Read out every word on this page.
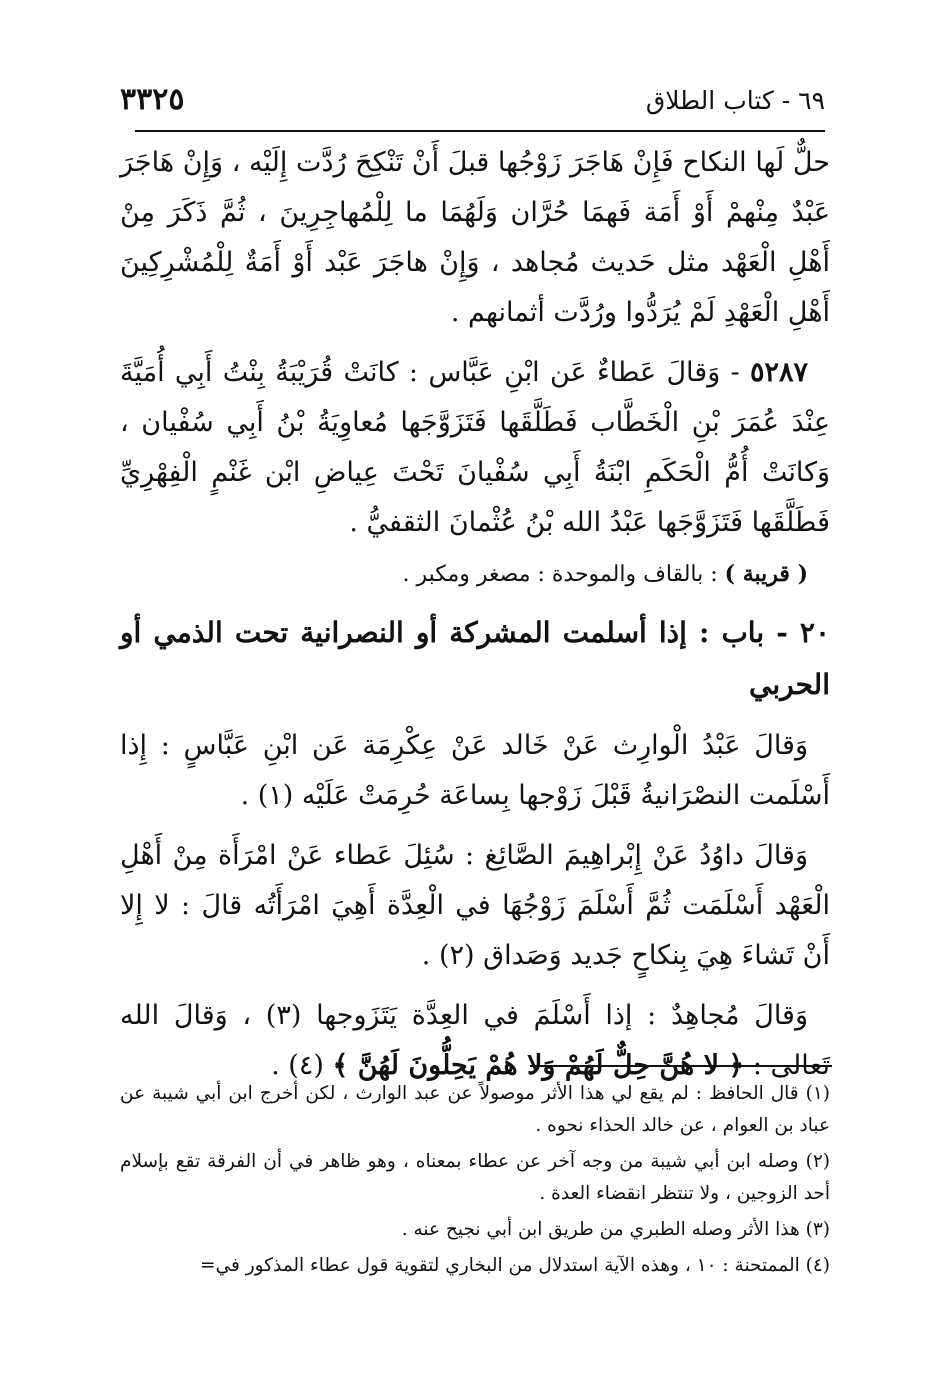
٦٩ - كتاب الطلاق
٣٣٢٥

حلٌّ لَها النكاح فَإِنْ هَاجَرَ زَوْجُها قبلَ أَنْ تَنْكِحَ رُدَّت إِلَيْه ، وَإِنْ هَاجَرَ عَبْدٌ مِنْهمْ أَوْ أَمَة فَهمَا حُرَّان وَلَهُمَا ما لِلْمُهاجِرِينَ ، ثُمَّ ذَكَرَ مِنْ أَهْلِ الْعَهْد مثل حَديث مُجاهد ، وَإِنْ هاجَرَ عَبْد أَوْ أَمَةٌ لِلْمُشْرِكِينَ أَهْلِ الْعَهْدِ لَمْ يُرَدُّوا ورُدَّت أثمانهم .

٥٢٨٧ - وَقالَ عَطاءٌ عَن ابْنِ عَبَّاس : كانَتْ قُرَيْبَةُ بِنْتُ أَبِي أُمَيَّةَ عِنْدَ عُمَرَ بْنِ الْخَطَّاب فَطَلَّقَها فَتَزَوَّجَها مُعاوِيَةُ بْنُ أَبِي سُفْيان ، وَكانَتْ أُمُّ الْحَكَمِ ابْنَةُ أَبِي سُفْيانَ تَحْتَ عِياضِ ابْن غَنْمٍ الْفِهْرِيِّ فَطَلَّقَها فَتَزَوَّجَها عَبْدُ الله بْنُ عُثْمانَ الثقفيُّ .

( قريبة ) : بالقاف والموحدة : مصغر ومكبر .

٢٠ - باب : إذا أسلمت المشركة أو النصرانية تحت الذمي أو الحربي

وَقالَ عَبْدُ الْوارِث عَنْ خَالد عَنْ عِكْرِمَة عَن ابْنِ عَبَّاسٍ : إِذا أَسْلَمت النصْرَانيةُ قَبْلَ زَوْجها بِساعَة حُرِمَتْ عَلَيْه (١) .

وَقالَ داوُدُ عَنْ إِبْراهِيمَ الصَّائِغ : سُئِلَ عَطاء عَنْ امْرَأَة مِنْ أَهْلِ الْعَهْد أَسْلَمَت ثُمَّ أَسْلَمَ زَوْجُهَا في الْعِدَّة أَهِيَ امْرَأَتُه قالَ : لا إِلا أَنْ تَشاءَ هِيَ بِنكاحٍ جَديد وَصَداق (٢) .

وَقالَ مُجاهِدٌ : إذا أَسْلَمَ في العِدَّة يَتَزَوجها (٣) ، وَقالَ الله تَعالى : ﴿ لا هُنَّ حِلٌّ لَهُمْ وَلا هُمْ يَحِلُّونَ لَهُنَّ ﴾ (٤) .

(١) قال الحافظ : لم يقع لي هذا الأثر موصولاً عن عبد الوارث ، لكن أخرج ابن أبي شيبة عن عباد بن العوام ، عن خالد الحذاء نحوه .

(٢) وصله ابن أبي شيبة من وجه آخر عن عطاء بمعناه ، وهو ظاهر في أن الفرقة تقع بإسلام أحد الزوجين ، ولا تنتظر انقضاء العدة .

(٣) هذا الأثر وصله الطبري من طريق ابن أبي نجيح عنه .

(٤) الممتحنة : ١٠ ، وهذه الآية استدلال من البخاري لتقوية قول عطاء المذكور في=
